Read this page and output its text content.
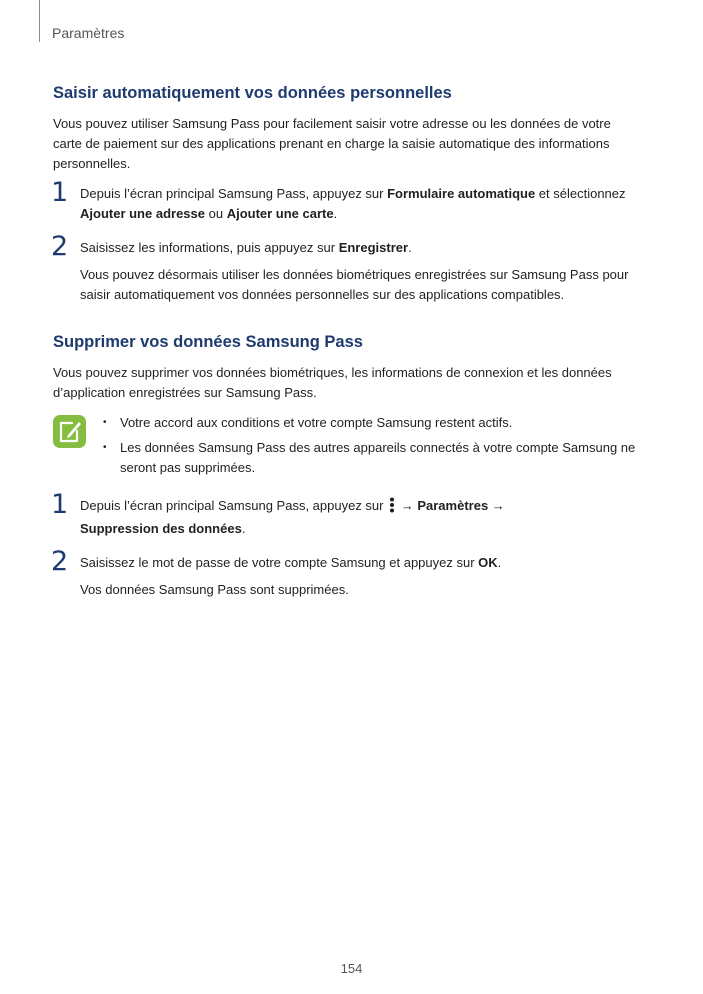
Paramètres
Saisir automatiquement vos données personnelles

Vous pouvez utiliser Samsung Pass pour facilement saisir votre adresse ou les données de votre carte de paiement sur des applications prenant en charge la saisie automatique des informations personnelles.

1 Depuis l’écran principal Samsung Pass, appuyez sur Formulaire automatique et sélectionnez Ajouter une adresse ou Ajouter une carte.
2 Saisissez les informations, puis appuyez sur Enregistrer.
Vous pouvez désormais utiliser les données biométriques enregistrées sur Samsung Pass pour saisir automatiquement vos données personnelles sur des applications compatibles.
Supprimer vos données Samsung Pass

Vous pouvez supprimer vos données biométriques, les informations de connexion et les données d’application enregistrées sur Samsung Pass.

• Votre accord aux conditions et votre compte Samsung restent actifs.
• Les données Samsung Pass des autres appareils connectés à votre compte Samsung ne seront pas supprimées.
1 Depuis l’écran principal Samsung Pass, appuyez sur  → Paramètres →
Suppression des données.
2 Saisissez le mot de passe de votre compte Samsung et appuyez sur OK.
Vos données Samsung Pass sont supprimées.
154
